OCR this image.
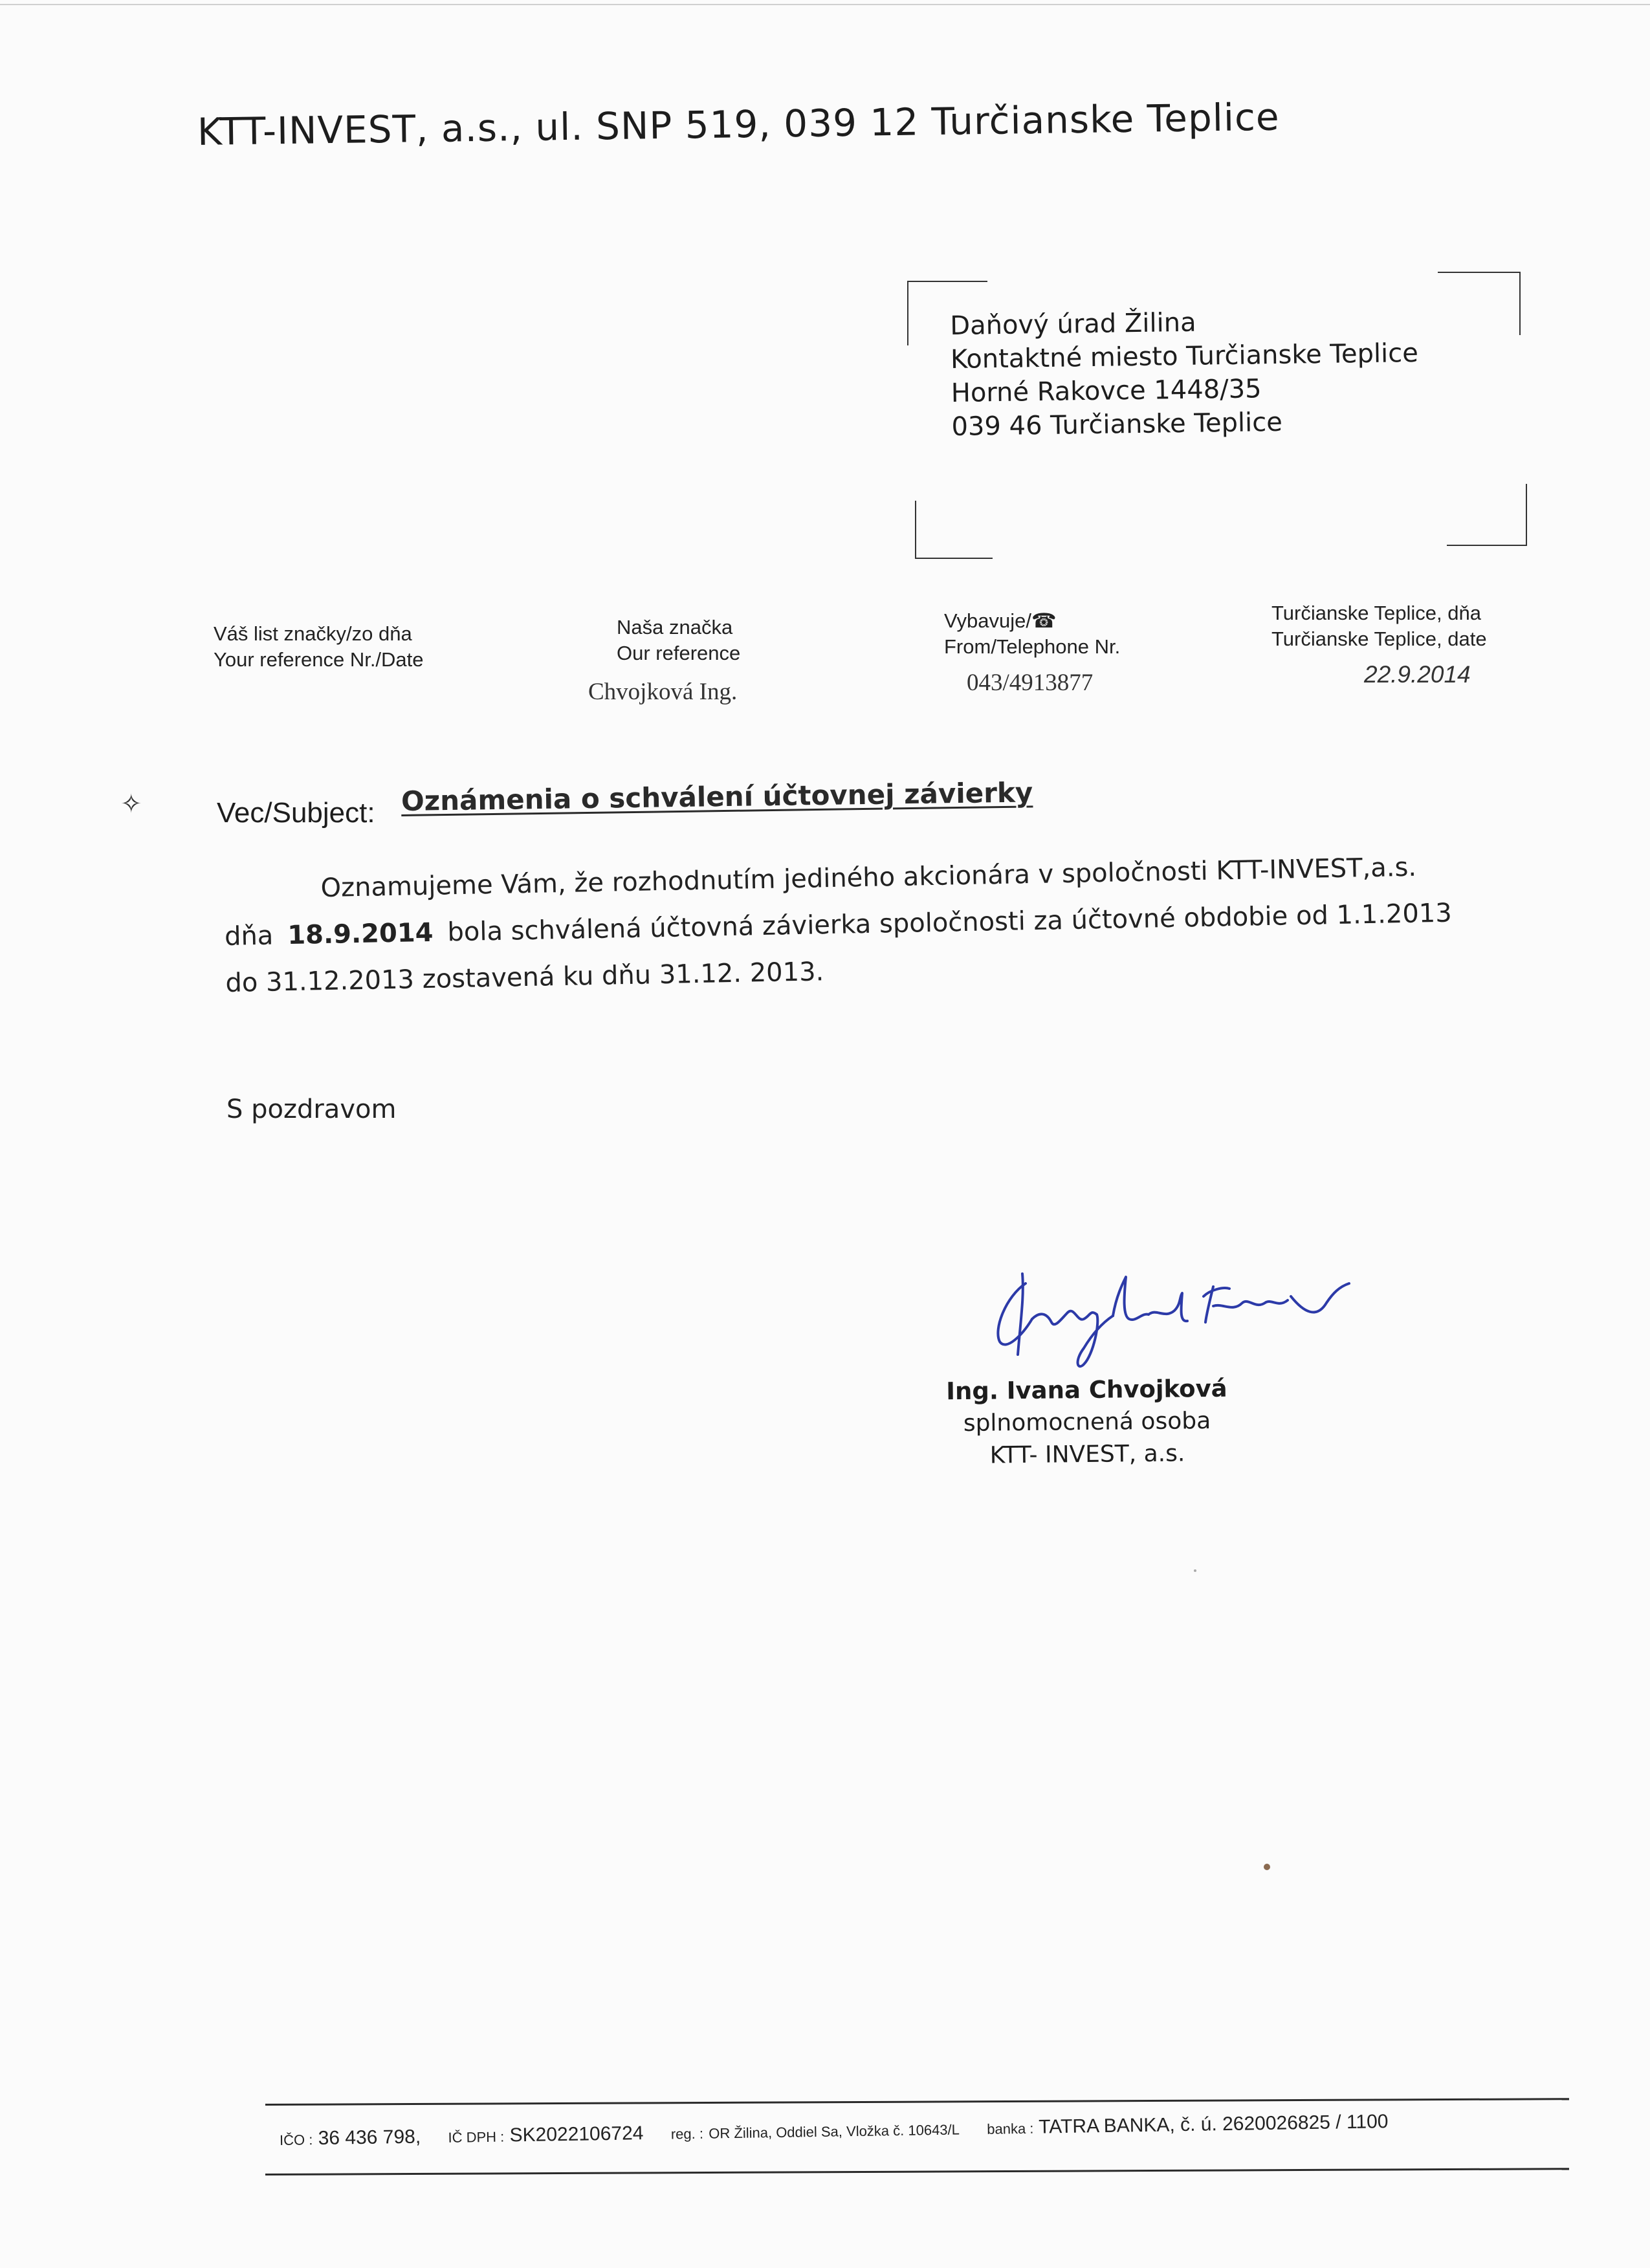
KTT-INVEST, a.s., ul. SNP 519, 039 12 Turčianske Teplice
Daňový úrad Žilina
Kontaktné miesto Turčianske Teplice
Horné Rakovce 1448/35
039 46 Turčianske Teplice
Váš list značky/zo dňa
Your reference Nr./Date
Naša značka
Our reference
Chvojková Ing.
Vybavuje/☎
From/Telephone Nr.
043/4913877
Turčianske Teplice, dňa
Turčianske Teplice, date
22.9.2014
✧	Vec/Subject: Oznámenia o schválení účtovnej závierky
Oznamujeme Vám, že rozhodnutím jediného akcionára v spoločnosti KTT-INVEST,a.s.
dňa 18.9.2014 bola schválená účtovná závierka spoločnosti za účtovné obdobie od 1.1.2013
do 31.12.2013 zostavená ku dňu 31.12. 2013.
S pozdravom
Ing. Ivana Chvojková
splnomocnená osoba
KTT- INVEST, a.s.
IČO : 36 436 798, IČ DPH : SK2022106724 reg. : OR Žilina, Oddiel Sa, Vložka č. 10643/L banka : TATRA BANKA, č. ú. 2620026825 / 1100
